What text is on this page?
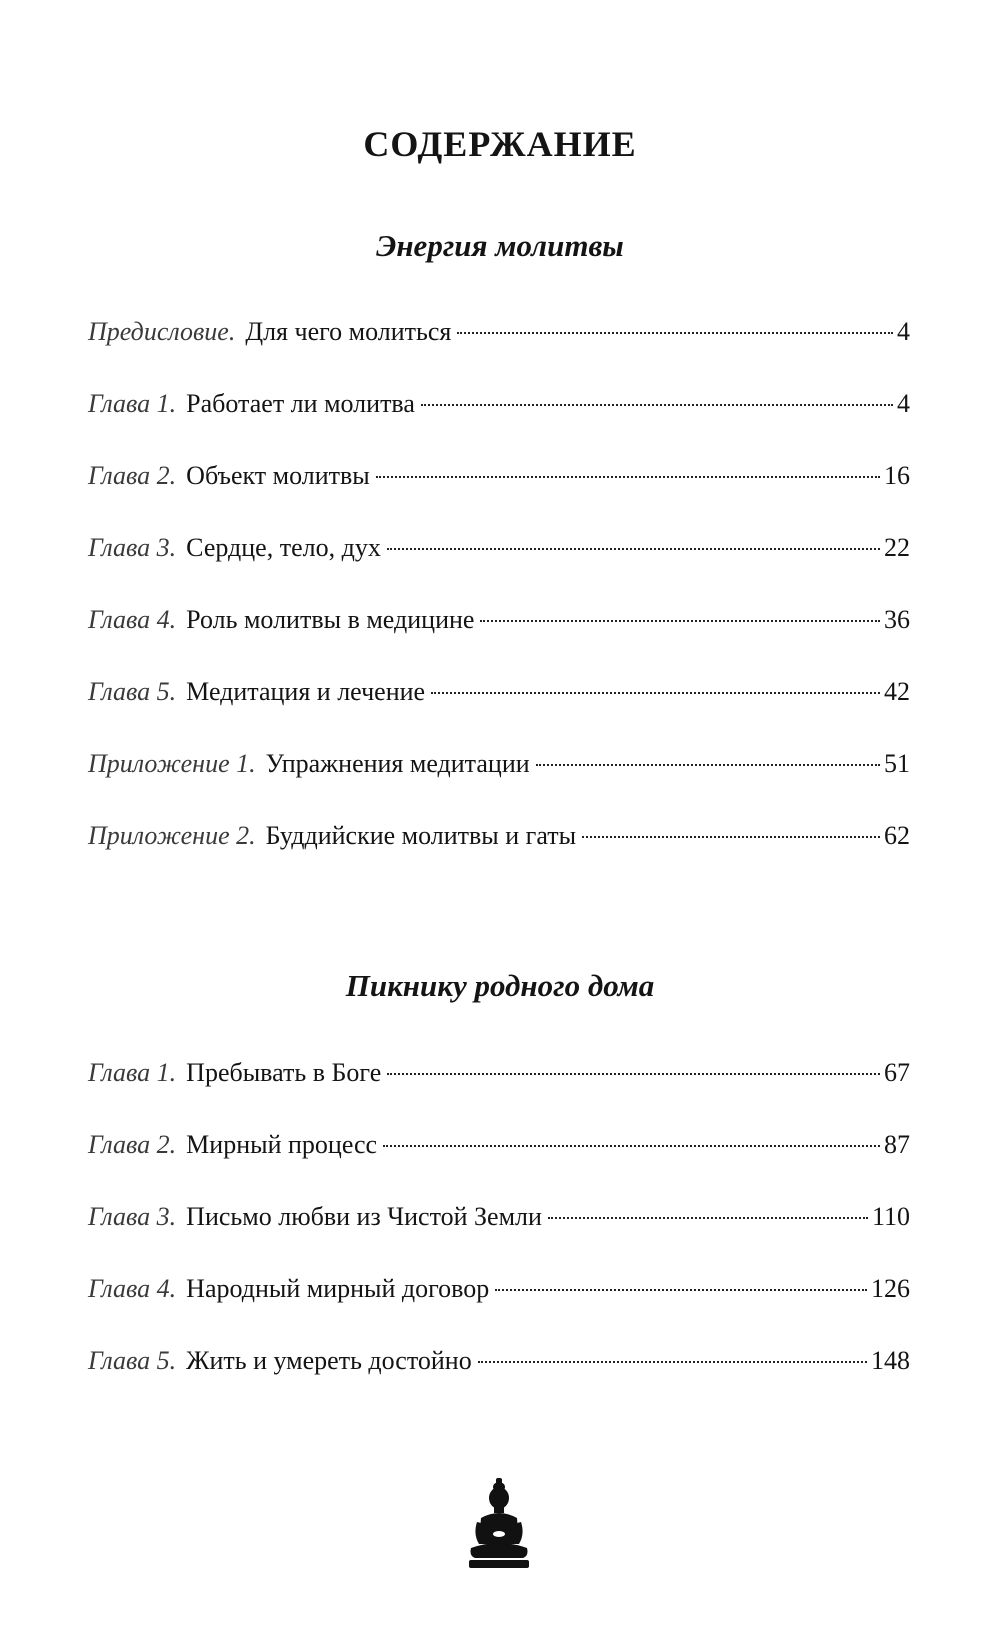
СОДЕРЖАНИЕ
Энергия молитвы
Предисловие. Для чего молиться	4
Глава 1. Работает ли молитва	4
Глава 2. Объект молитвы	16
Глава 3. Сердце, тело, дух	22
Глава 4. Роль молитвы в медицине	36
Глава 5. Медитация и лечение	42
Приложение 1. Упражнения медитации	51
Приложение 2. Буддийские молитвы и гаты	62
Пикнику родного дома
Глава 1. Пребывать в Боге	67
Глава 2. Мирный процесс	87
Глава 3. Письмо любви из Чистой Земли	110
Глава 4. Народный мирный договор	126
Глава 5. Жить и умереть достойно	148
